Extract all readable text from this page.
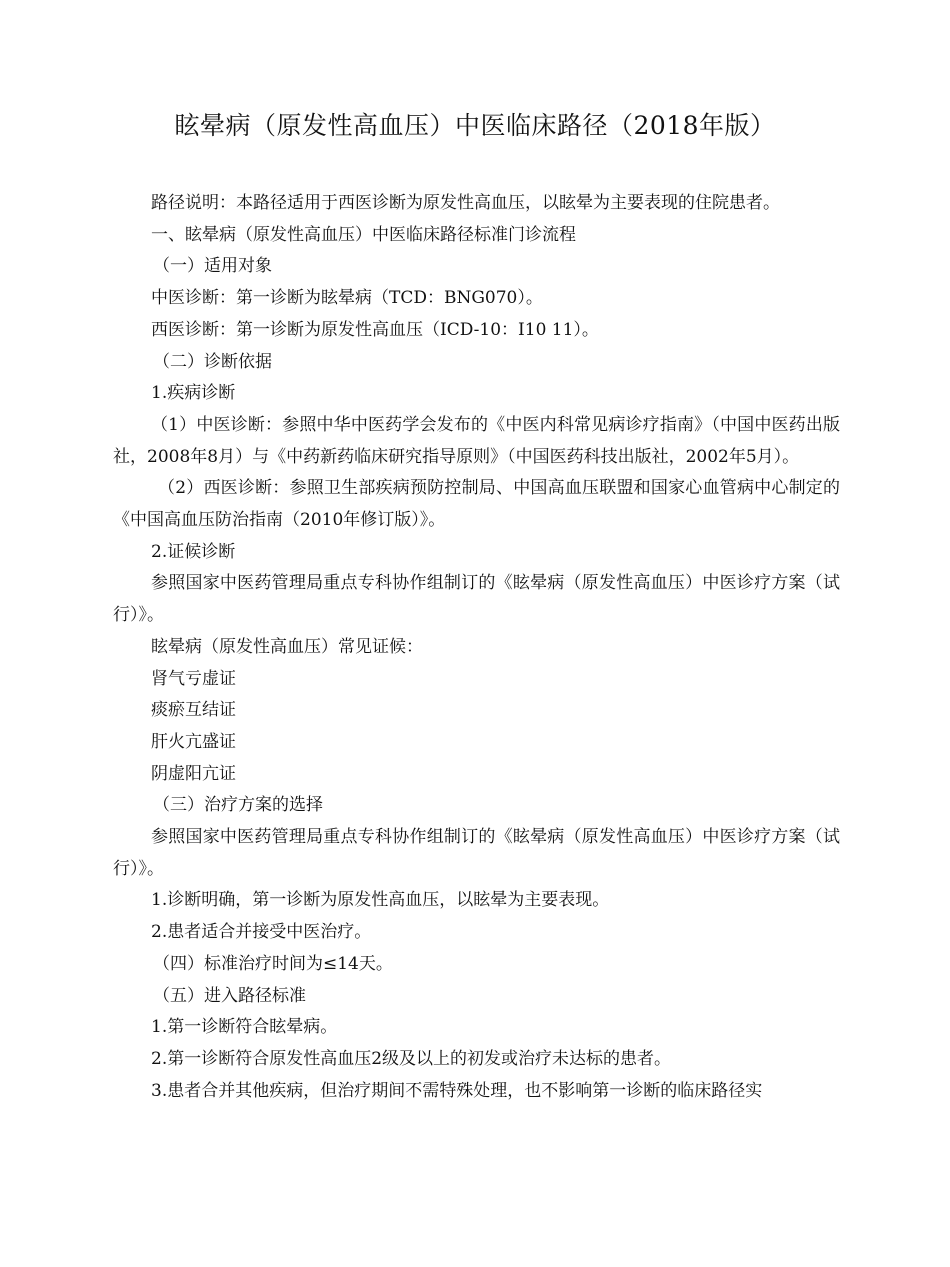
眩晕病（原发性高血压）中医临床路径（2018年版）

路径说明：本路径适用于西医诊断为原发性高血压，以眩晕为主要表现的住院患者。

一、眩晕病（原发性高血压）中医临床路径标准门诊流程

（一）适用对象

中医诊断：第一诊断为眩晕病（TCD：BNG070）。

西医诊断：第一诊断为原发性高血压（ICD-10：I10 11）。

（二）诊断依据

1.疾病诊断

（1）中医诊断：参照中华中医药学会发布的《中医内科常见病诊疗指南》（中国中医药出版社，2008年8月）与《中药新药临床研究指导原则》（中国医药科技出版社，2002年5月）。

（2）西医诊断：参照卫生部疾病预防控制局、中国高血压联盟和国家心血管病中心制定的《中国高血压防治指南（2010年修订版）》。

2.证候诊断

参照国家中医药管理局重点专科协作组制订的《眩晕病（原发性高血压）中医诊疗方案（试行）》。

眩晕病（原发性高血压）常见证候：

肾气亏虚证

痰瘀互结证

肝火亢盛证

阴虚阳亢证

（三）治疗方案的选择

参照国家中医药管理局重点专科协作组制订的《眩晕病（原发性高血压）中医诊疗方案（试行）》。

1.诊断明确，第一诊断为原发性高血压，以眩晕为主要表现。

2.患者适合并接受中医治疗。

（四）标准治疗时间为≤14天。

（五）进入路径标准

1.第一诊断符合眩晕病。

2.第一诊断符合原发性高血压2级及以上的初发或治疗未达标的患者。

3.患者合并其他疾病，但治疗期间不需特殊处理，也不影响第一诊断的临床路径实
